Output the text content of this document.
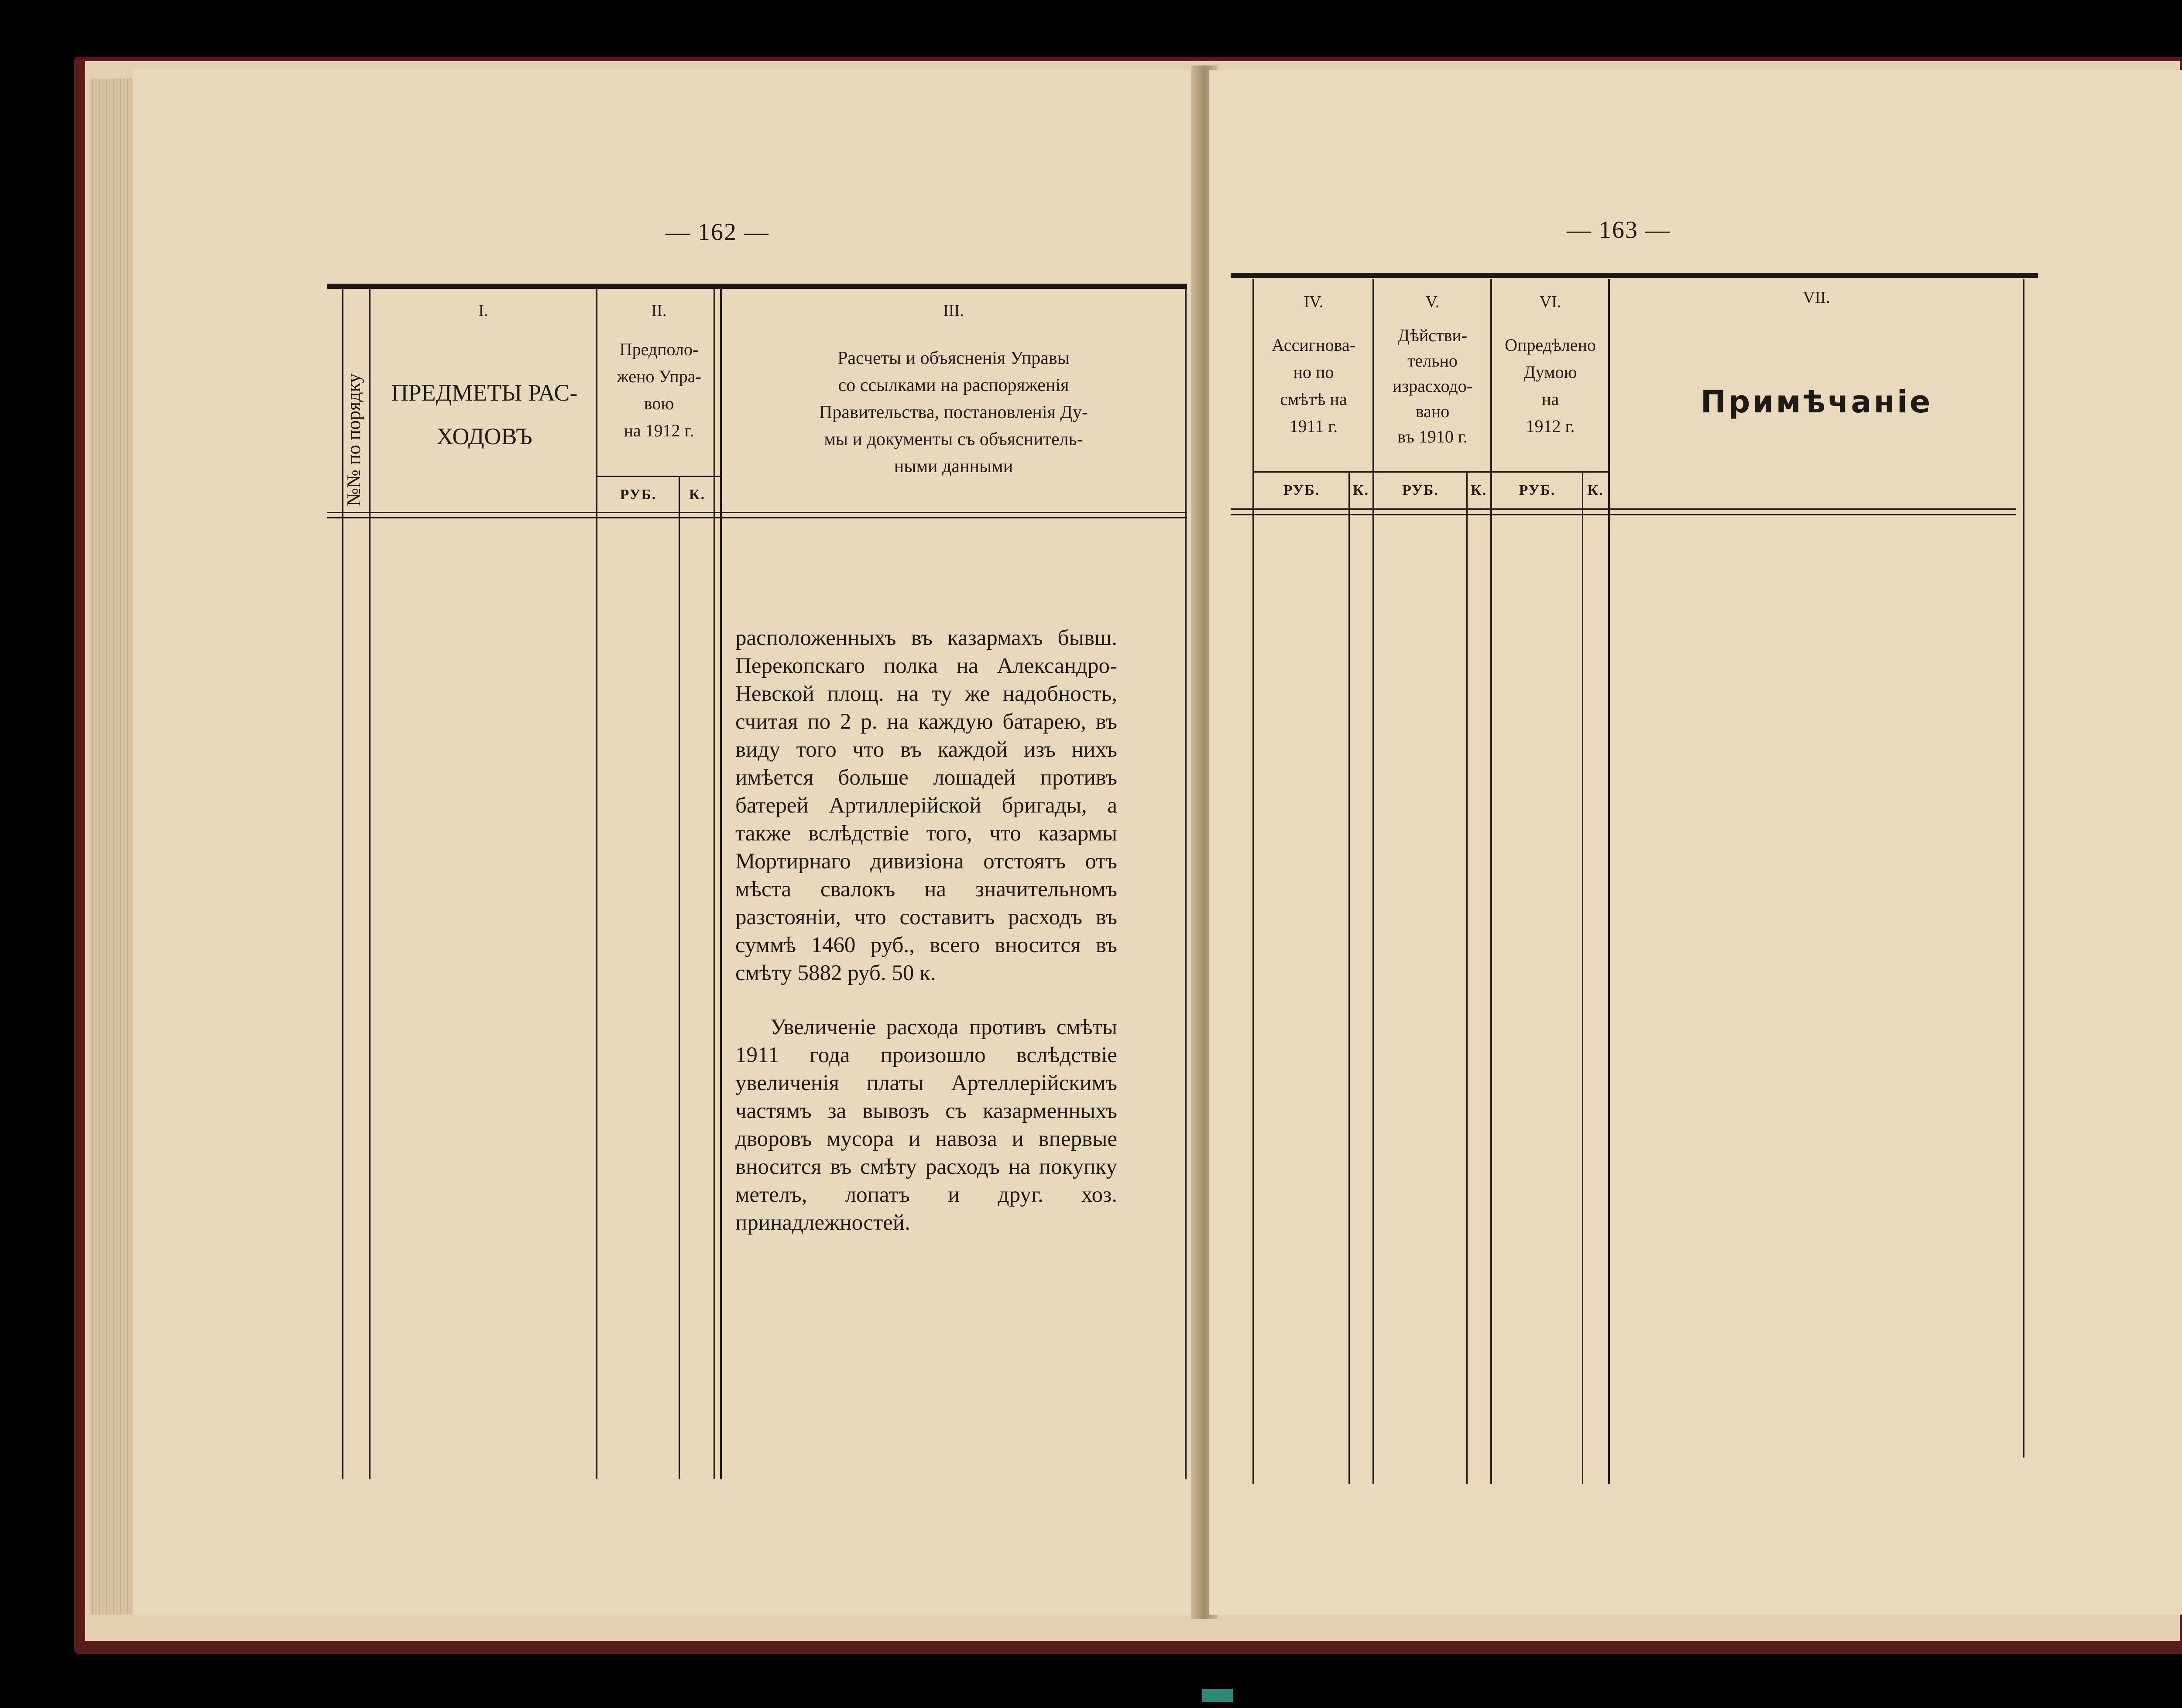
— 162 —
№№ по порядку
I.
ПРЕДМЕТЫ РАС-ХОДОВЪ
II.
Предполо-
жено Упра-
вою
на 1912 г.
РУБ.	К.
III.
Расчеты и объясненія Управы
со ссылками на распоряженія
Правительства, постановленія Ду-
мы и документы съ объяснитель-
ными данными

расположенныхъ въ казармахъ бывш. Перекопскаго полка на Александро-Невской площ. на ту же надобность, считая по 2 р. на каждую батарею, въ виду того что въ каждой изъ нихъ имѣется больше лошадей противъ батерей Артиллерійской бригады, а также вслѣдствіе того, что казармы Мортирнаго дивизіона отстоятъ отъ мѣста свалокъ на значительномъ разстояніи, что составитъ расходъ въ суммѣ 1460 руб., всего вносится въ смѣту 5882 руб. 50 к.

Увеличеніе расхода противъ смѣты 1911 года произошло вслѣдствіе увеличенія платы Артеллерійскимъ частямъ за вывозъ съ казарменныхъ дворовъ мусора и навоза и впервые вносится въ смѣту расходъ на покупку метелъ, лопатъ и друг. хоз. принадлежностей.

— 163 —
IV.
Ассигнова-
но по
смѣтѣ на
1911 г.
РУБ.	К.
V.
Дѣйстви-
тельно
израсходо-
вано
въ 1910 г.
РУБ.	К.
VI.
Опредѣлено
Думою
на
1912 г.
РУБ.	К.
VII.
Примѣчаніе
